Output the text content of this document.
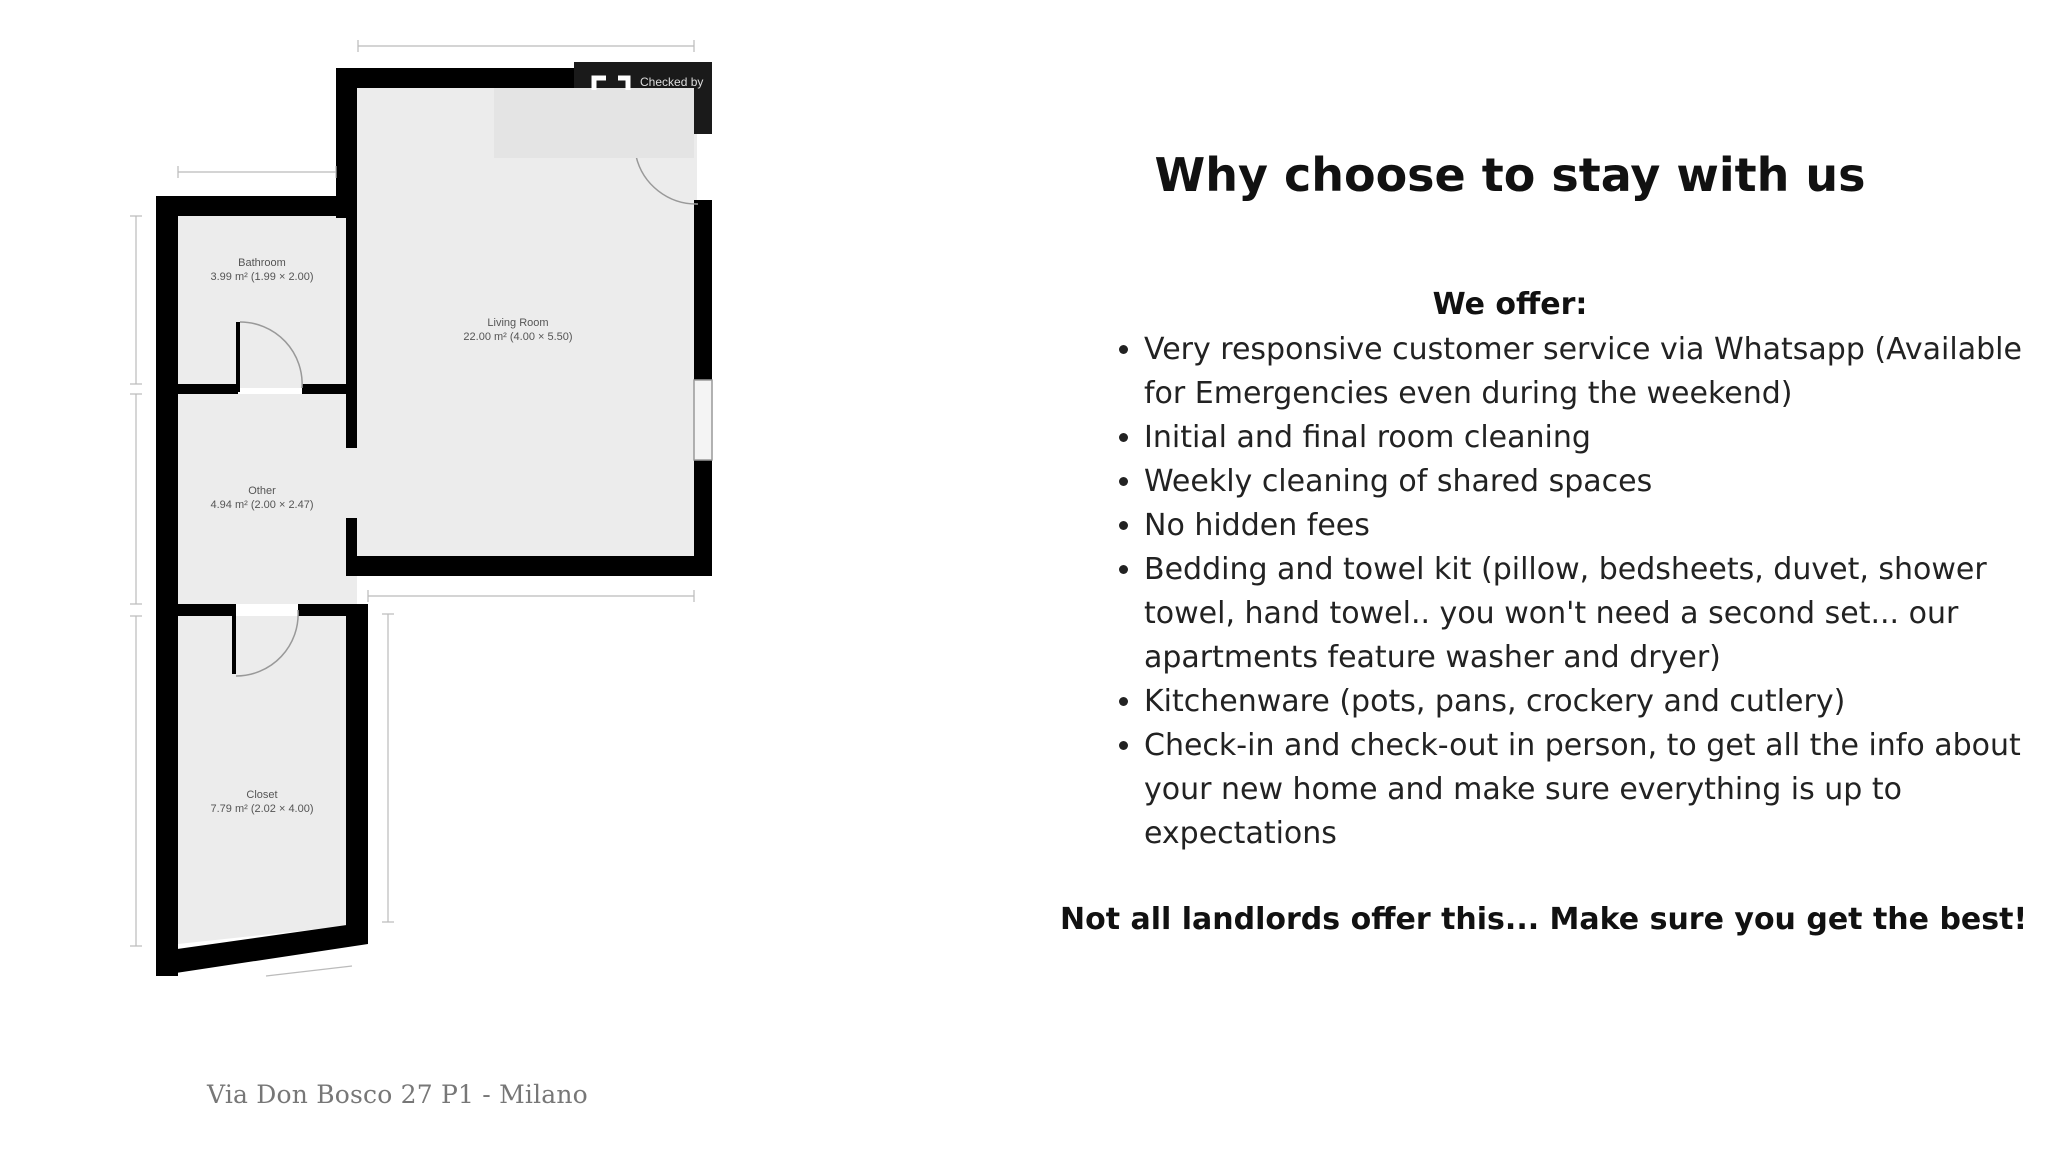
Checked by
Bathroom
3.99 m² (1.99 × 2.00)
Living Room
22.00 m² (4.00 × 5.50)
Other
4.94 m² (2.00 × 2.47)
Closet
7.79 m² (2.02 × 4.00)
Via Don Bosco 27 P1 - Milano
Why choose to stay with us
We offer:
• Very responsive customer service via Whatsapp (Available for Emergencies even during the weekend)
• Initial and final room cleaning
• Weekly cleaning of shared spaces
• No hidden fees
• Bedding and towel kit (pillow, bedsheets, duvet, shower towel, hand towel.. you won't need a second set... our apartments feature washer and dryer)
• Kitchenware (pots, pans, crockery and cutlery)
• Check-in and check-out in person, to get all the info about your new home and make sure everything is up to expectations
Not all landlords offer this... Make sure you get the best!
